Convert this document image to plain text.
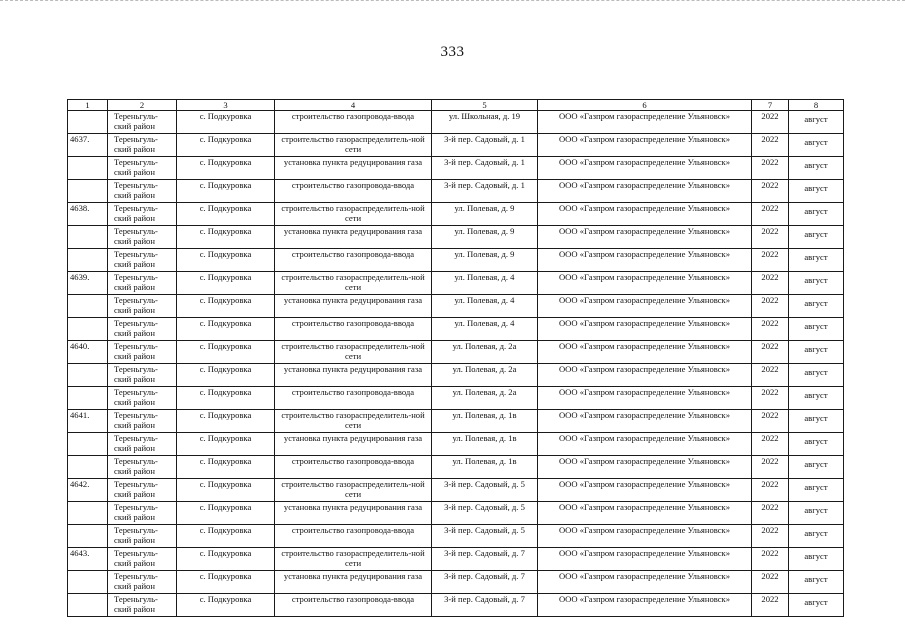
333
1	2	3	4	5	6	7	8
	Тереньгуль-ский район	с. Подкуровка	строительство газопровода-ввода	ул. Школьная, д. 19	ООО «Газпром газораспределение Ульяновск»	2022	август
4637.	Тереньгуль-ский район	с. Подкуровка	строительство газораспределитель-ной сети	3-й пер. Садовый, д. 1	ООО «Газпром газораспределение Ульяновск»	2022	август
	Тереньгуль-ский район	с. Подкуровка	установка пункта редуцирования газа	3-й пер. Садовый, д. 1	ООО «Газпром газораспределение Ульяновск»	2022	август
	Тереньгуль-ский район	с. Подкуровка	строительство газопровода-ввода	3-й пер. Садовый, д. 1	ООО «Газпром газораспределение Ульяновск»	2022	август
4638.	Тереньгуль-ский район	с. Подкуровка	строительство газораспределитель-ной сети	ул. Полевая, д. 9	ООО «Газпром газораспределение Ульяновск»	2022	август
	Тереньгуль-ский район	с. Подкуровка	установка пункта редуцирования газа	ул. Полевая, д. 9	ООО «Газпром газораспределение Ульяновск»	2022	август
	Тереньгуль-ский район	с. Подкуровка	строительство газопровода-ввода	ул. Полевая, д. 9	ООО «Газпром газораспределение Ульяновск»	2022	август
4639.	Тереньгуль-ский район	с. Подкуровка	строительство газораспределитель-ной сети	ул. Полевая, д. 4	ООО «Газпром газораспределение Ульяновск»	2022	август
	Тереньгуль-ский район	с. Подкуровка	установка пункта редуцирования газа	ул. Полевая, д. 4	ООО «Газпром газораспределение Ульяновск»	2022	август
	Тереньгуль-ский район	с. Подкуровка	строительство газопровода-ввода	ул. Полевая, д. 4	ООО «Газпром газораспределение Ульяновск»	2022	август
4640.	Тереньгуль-ский район	с. Подкуровка	строительство газораспределитель-ной сети	ул. Полевая, д. 2а	ООО «Газпром газораспределение Ульяновск»	2022	август
	Тереньгуль-ский район	с. Подкуровка	установка пункта редуцирования газа	ул. Полевая, д. 2а	ООО «Газпром газораспределение Ульяновск»	2022	август
	Тереньгуль-ский район	с. Подкуровка	строительство газопровода-ввода	ул. Полевая, д. 2а	ООО «Газпром газораспределение Ульяновск»	2022	август
4641.	Тереньгуль-ский район	с. Подкуровка	строительство газораспределитель-ной сети	ул. Полевая, д. 1в	ООО «Газпром газораспределение Ульяновск»	2022	август
	Тереньгуль-ский район	с. Подкуровка	установка пункта редуцирования газа	ул. Полевая, д. 1в	ООО «Газпром газораспределение Ульяновск»	2022	август
	Тереньгуль-ский район	с. Подкуровка	строительство газопровода-ввода	ул. Полевая, д. 1в	ООО «Газпром газораспределение Ульяновск»	2022	август
4642.	Тереньгуль-ский район	с. Подкуровка	строительство газораспределитель-ной сети	3-й пер. Садовый, д. 5	ООО «Газпром газораспределение Ульяновск»	2022	август
	Тереньгуль-ский район	с. Подкуровка	установка пункта редуцирования газа	3-й пер. Садовый, д. 5	ООО «Газпром газораспределение Ульяновск»	2022	август
	Тереньгуль-ский район	с. Подкуровка	строительство газопровода-ввода	3-й пер. Садовый, д. 5	ООО «Газпром газораспределение Ульяновск»	2022	август
4643.	Тереньгуль-ский район	с. Подкуровка	строительство газораспределитель-ной сети	3-й пер. Садовый, д. 7	ООО «Газпром газораспределение Ульяновск»	2022	август
	Тереньгуль-ский район	с. Подкуровка	установка пункта редуцирования газа	3-й пер. Садовый, д. 7	ООО «Газпром газораспределение Ульяновск»	2022	август
	Тереньгуль-ский район	с. Подкуровка	строительство газопровода-ввода	3-й пер. Садовый, д. 7	ООО «Газпром газораспределение Ульяновск»	2022	август
